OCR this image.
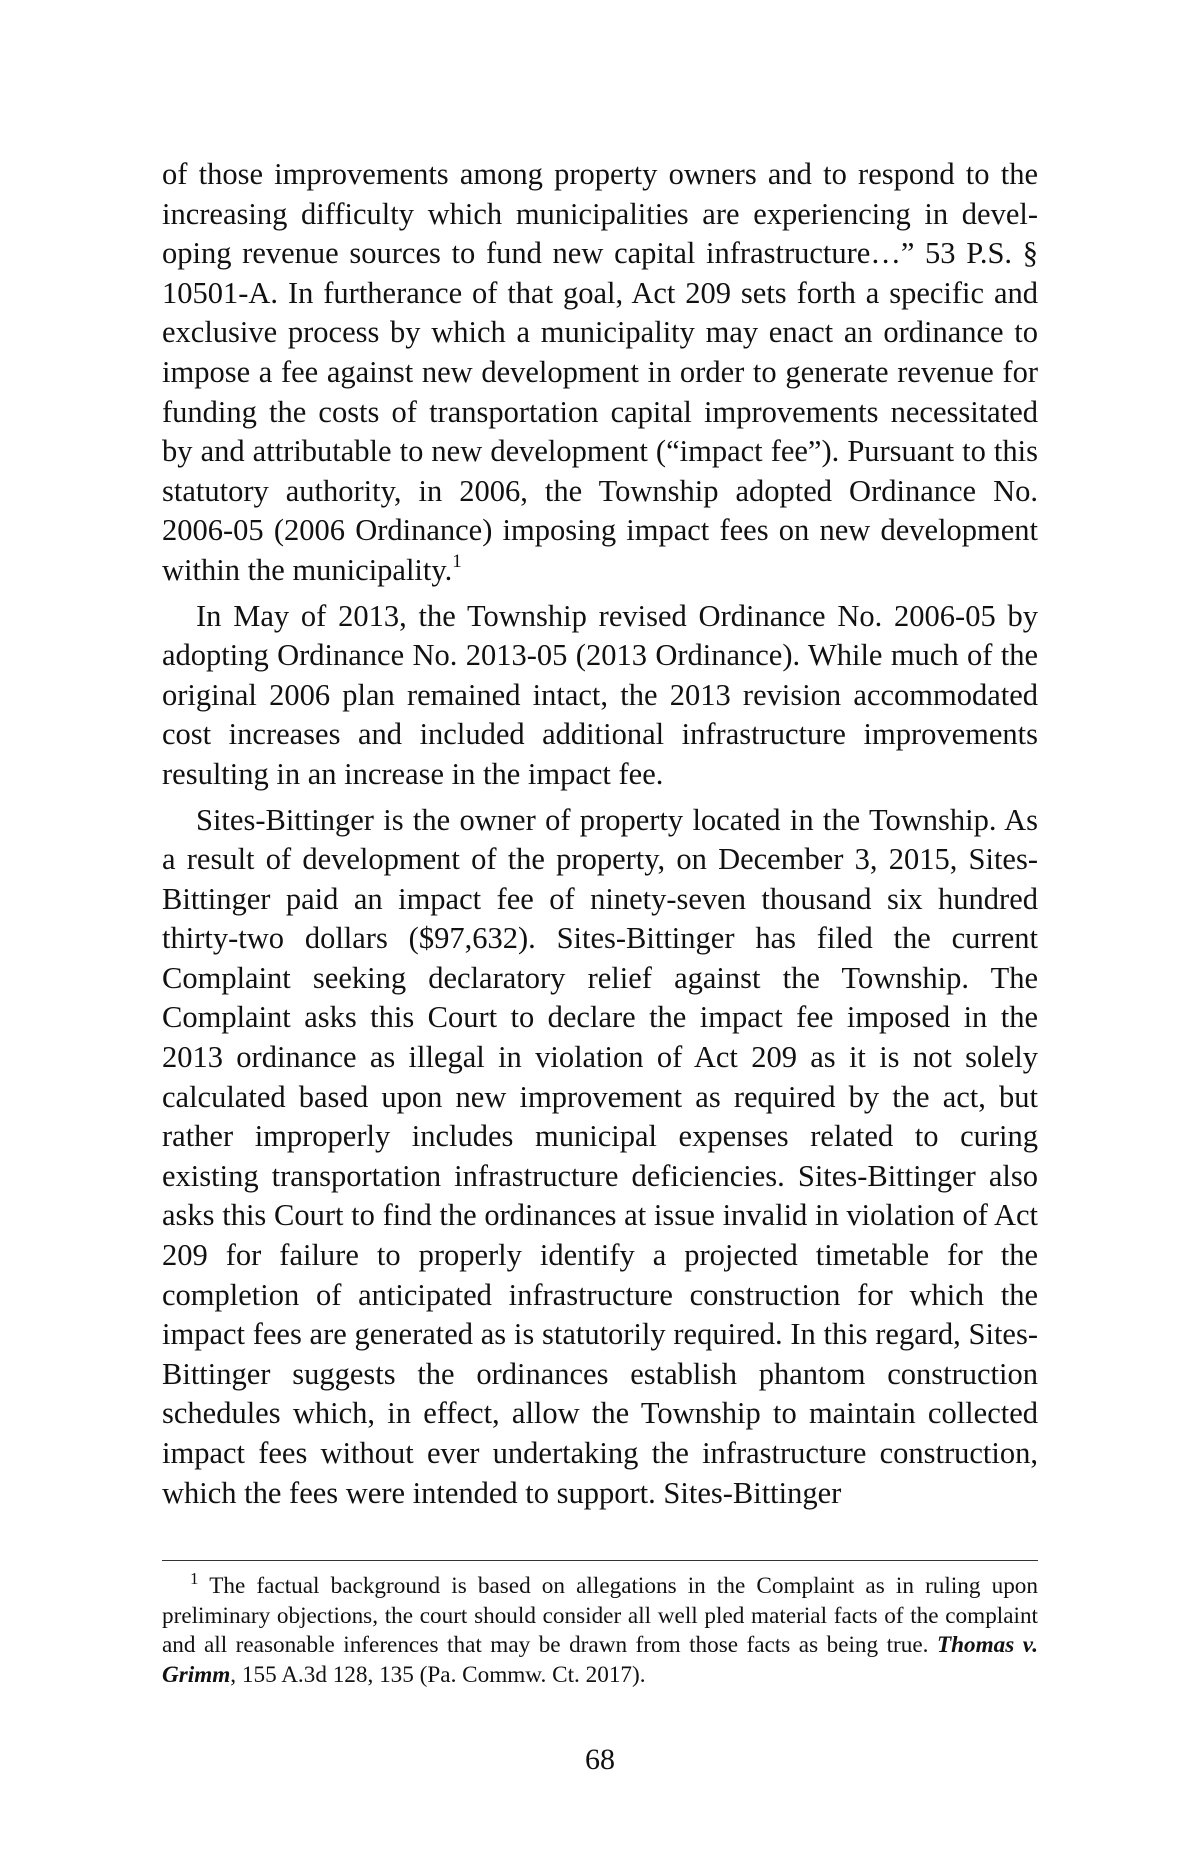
of those improvements among property owners and to respond to the increasing difficulty which municipalities are experiencing in developing revenue sources to fund new capital infrastructure…” 53 P.S. § 10501-A. In furtherance of that goal, Act 209 sets forth a specific and exclusive process by which a municipality may enact an ordinance to impose a fee against new development in order to generate revenue for funding the costs of transportation capital improvements necessitated by and attributable to new development (“impact fee”). Pursuant to this statutory authority, in 2006, the Township adopted Ordinance No. 2006-05 (2006 Ordinance) imposing impact fees on new development within the municipality.$^1$

In May of 2013, the Township revised Ordinance No. 2006-05 by adopting Ordinance No. 2013-05 (2013 Ordinance). While much of the original 2006 plan remained intact, the 2013 revision accommodated cost increases and included additional infrastructure improvements resulting in an increase in the impact fee.

Sites-Bittinger is the owner of property located in the Township. As a result of development of the property, on December 3, 2015, Sites-Bittinger paid an impact fee of ninety-seven thousand six hundred thirty-two dollars ($97,632). Sites-Bittinger has filed the current Complaint seeking declaratory relief against the Township. The Complaint asks this Court to declare the impact fee imposed in the 2013 ordinance as illegal in violation of Act 209 as it is not solely calculated based upon new improvement as required by the act, but rather improperly includes municipal expenses related to curing existing transportation infrastructure deficiencies. Sites-Bittinger also asks this Court to find the ordinances at issue invalid in violation of Act 209 for failure to properly identify a projected timetable for the completion of anticipated infrastructure construction for which the impact fees are generated as is statutorily required. In this regard, Sites-Bittinger suggests the ordinances establish phantom construction schedules which, in effect, allow the Township to maintain collected impact fees without ever undertaking the infrastructure construction, which the fees were intended to support. Sites-Bittinger

$^1$ The factual background is based on allegations in the Complaint as in ruling upon preliminary objections, the court should consider all well pled material facts of the complaint and all reasonable inferences that may be drawn from those facts as being true. Thomas v. Grimm, 155 A.3d 128, 135 (Pa. Commw. Ct. 2017).

68
